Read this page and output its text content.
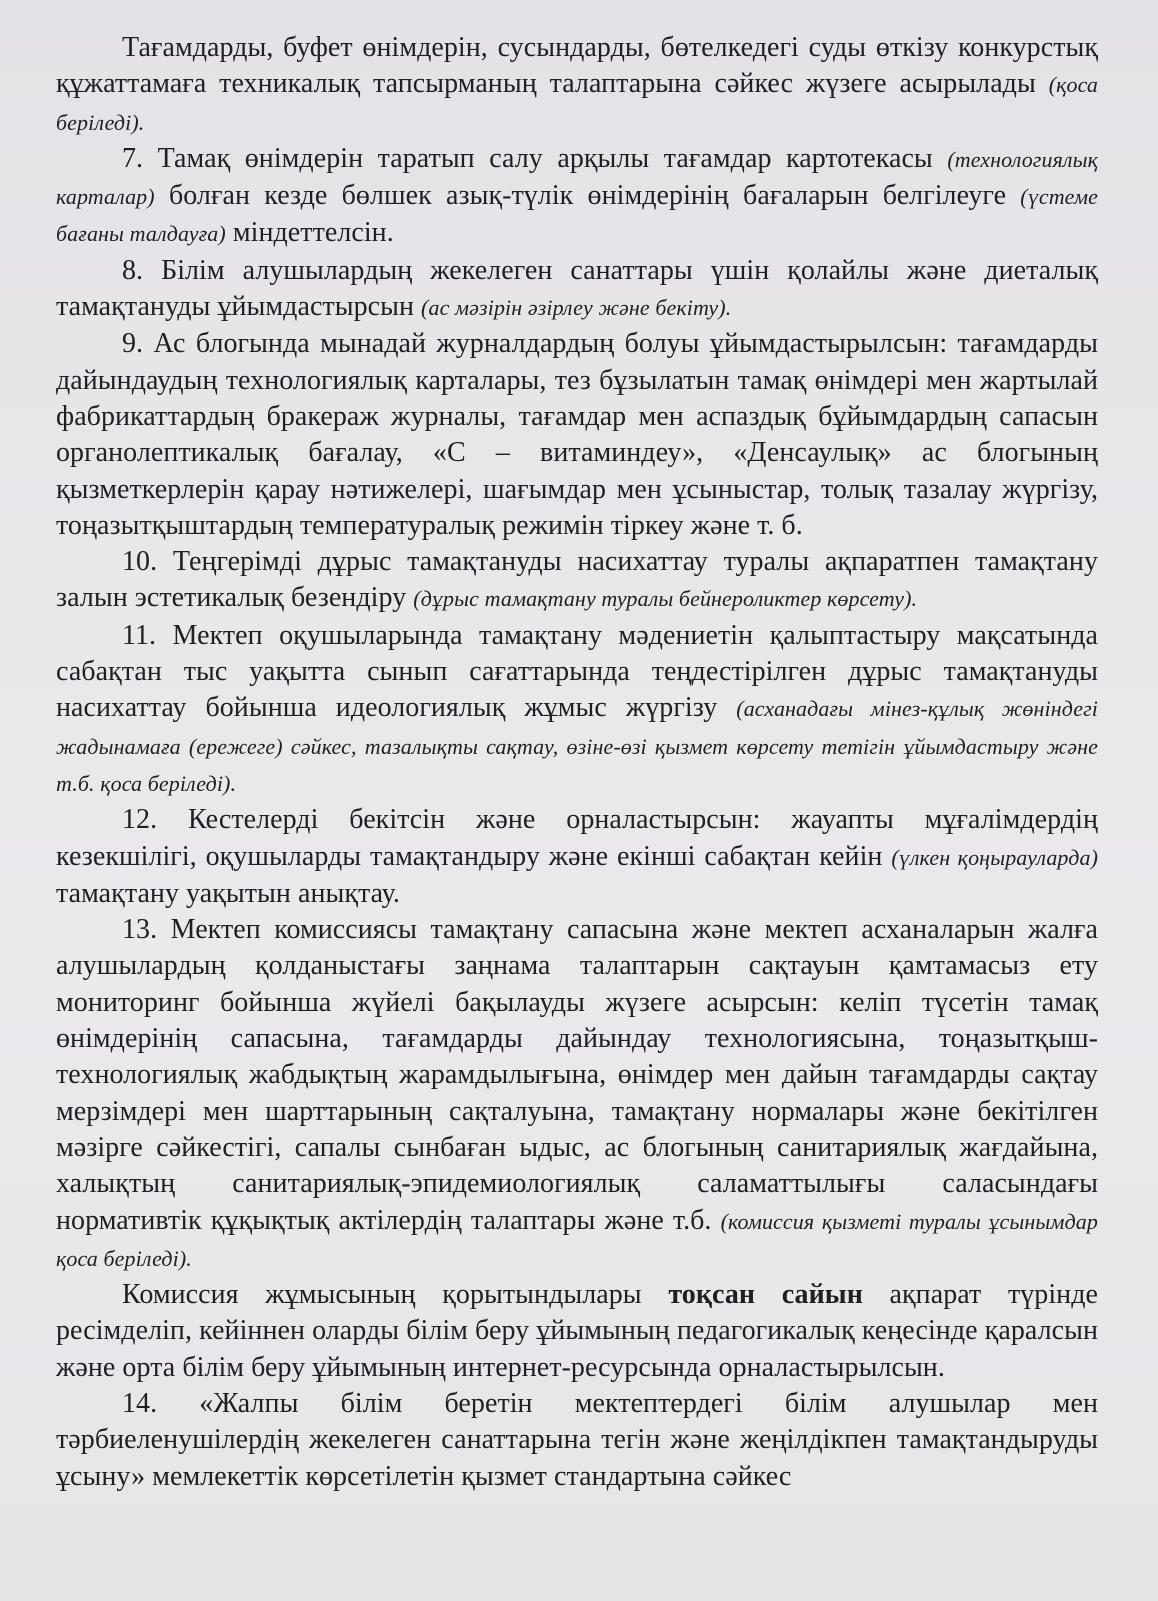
Тағамдарды, буфет өнімдерін, сусындарды, бөтелкедегі суды өткізу конкурстық құжаттамаға техникалық тапсырманың талаптарына сәйкес жүзеге асырылады (қоса беріледі).

7. Тамақ өнімдерін таратып салу арқылы тағамдар картотекасы (технологиялық карталар) болған кезде бөлшек азық-түлік өнімдерінің бағаларын белгілеуге (үстеме бағаны талдауға) міндеттелсін.

8. Білім алушылардың жекелеген санаттары үшін қолайлы және диеталық тамақтануды ұйымдастырсын (ас мәзірін әзірлеу және бекіту).

9. Ас блогында мынадай журналдардың болуы ұйымдастырылсын: тағамдарды дайындаудың технологиялық карталары, тез бұзылатын тамақ өнімдері мен жартылай фабрикаттардың бракераж журналы, тағамдар мен аспаздық бұйымдардың сапасын органолептикалық бағалау, «С – витаминдеу», «Денсаулық» ас блогының қызметкерлерін қарау нәтижелері, шағымдар мен ұсыныстар, толық тазалау жүргізу, тоңазытқыштардың температуралық режимін тіркеу және т. б.

10. Теңгерімді дұрыс тамақтануды насихаттау туралы ақпаратпен тамақтану залын эстетикалық безендіру (дұрыс тамақтану туралы бейнероликтер көрсету).

11. Мектеп оқушыларында тамақтану мәдениетін қалыптастыру мақсатында сабақтан тыс уақытта сынып сағаттарында теңдестірілген дұрыс тамақтануды насихаттау бойынша идеологиялық жұмыс жүргізу (асханадағы мінез-құлық жөніндегі жадынамаға (ережеге) сәйкес, тазалықты сақтау, өзіне-өзі қызмет көрсету тетігін ұйымдастыру және т.б. қоса беріледі).

12. Кестелерді бекітсін және орналастырсын: жауапты мұғалімдердің кезекшілігі, оқушыларды тамақтандыру және екінші сабақтан кейін (үлкен қоңырауларда) тамақтану уақытын анықтау.

13. Мектеп комиссиясы тамақтану сапасына және мектеп асханаларын жалға алушылардың қолданыстағы заңнама талаптарын сақтауын қамтамасыз ету мониторинг бойынша жүйелі бақылауды жүзеге асырсын: келіп түсетін тамақ өнімдерінің сапасына, тағамдарды дайындау технологиясына, тоңазытқыш-технологиялық жабдықтың жарамдылығына, өнімдер мен дайын тағамдарды сақтау мерзімдері мен шарттарының сақталуына, тамақтану нормалары және бекітілген мәзірге сәйкестігі, сапалы сынбаған ыдыс, ас блогының санитариялық жағдайына, халықтың санитариялық-эпидемиологиялық саламаттылығы саласындағы нормативтік құқықтық актілердің талаптары және т.б. (комиссия қызметі туралы ұсынымдар қоса беріледі).

Комиссия жұмысының қорытындылары тоқсан сайын ақпарат түрінде ресімделіп, кейіннен оларды білім беру ұйымының педагогикалық кеңесінде қаралсын және орта білім беру ұйымының интернет-ресурсында орналастырылсын.

14. «Жалпы білім беретін мектептердегі білім алушылар мен тәрбиеленушілердің жекелеген санаттарына тегін және жеңілдікпен тамақтандыруды ұсыну» мемлекеттік көрсетілетін қызмет стандартына сәйкес
